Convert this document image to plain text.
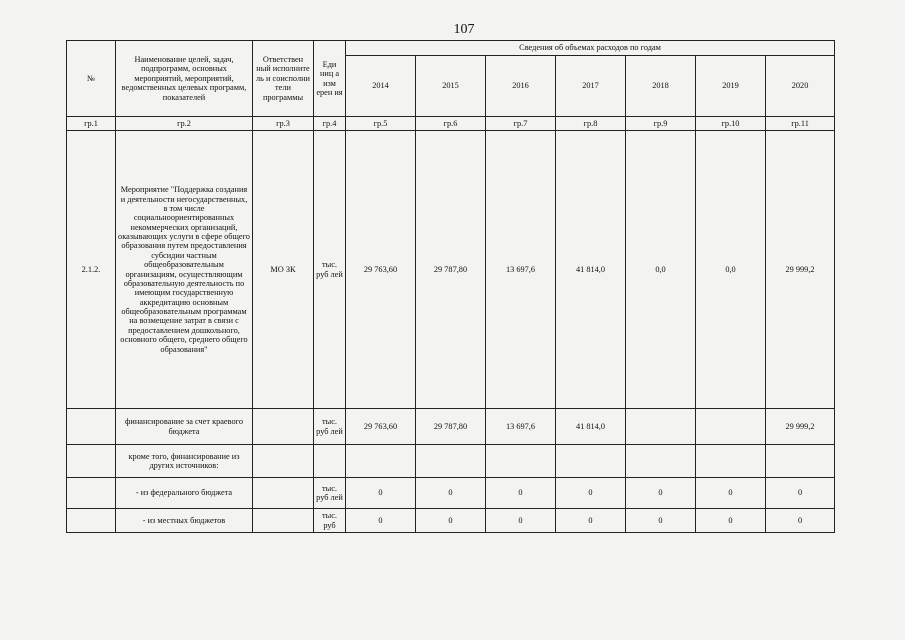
107
№	Наименование целей, задач, подпрограмм, основных мероприятий, мероприятий, ведомственных целевых программ, показателей	Ответствен ный исполните ль и соисполни тели программы	Еди ниц а изм ерен ия	Сведения об объемах расходов по годам						
				2014	2015	2016	2017	2018	2019	2020
гр.1	гр.2	гр.3	гр.4	гр.5	гр.6	гр.7	гр.8	гр.9	гр.10	гр.11
2.1.2.	Мероприятие "Поддержка создания и деятельности негосударственных, в том числе социальноориентированных некоммерческих организаций, оказывающих услуги в сфере общего образования путем предоставления субсидии частным общеобразовательным организациям, осуществляющим образовательную деятельность по имеющим государственную аккредитацию основным общеобразовательным программам на возмещение затрат в связи с предоставлением дошкольного, основного общего, среднего общего образования"	МО ЗК	тыс. руб лей	29 763,60	29 787,80	13 697,6	41 814,0	0,0	0,0	29 999,2
	финансирование за счет краевого бюджета		тыс. руб лей	29 763,60	29 787,80	13 697,6	41 814,0			29 999,2
	кроме того, финансирование из других источников:									
	- из федерального бюджета		тыс. руб лей	0	0	0	0	0	0	0
	- из местных бюджетов		тыс. руб	0	0	0	0	0	0	0
